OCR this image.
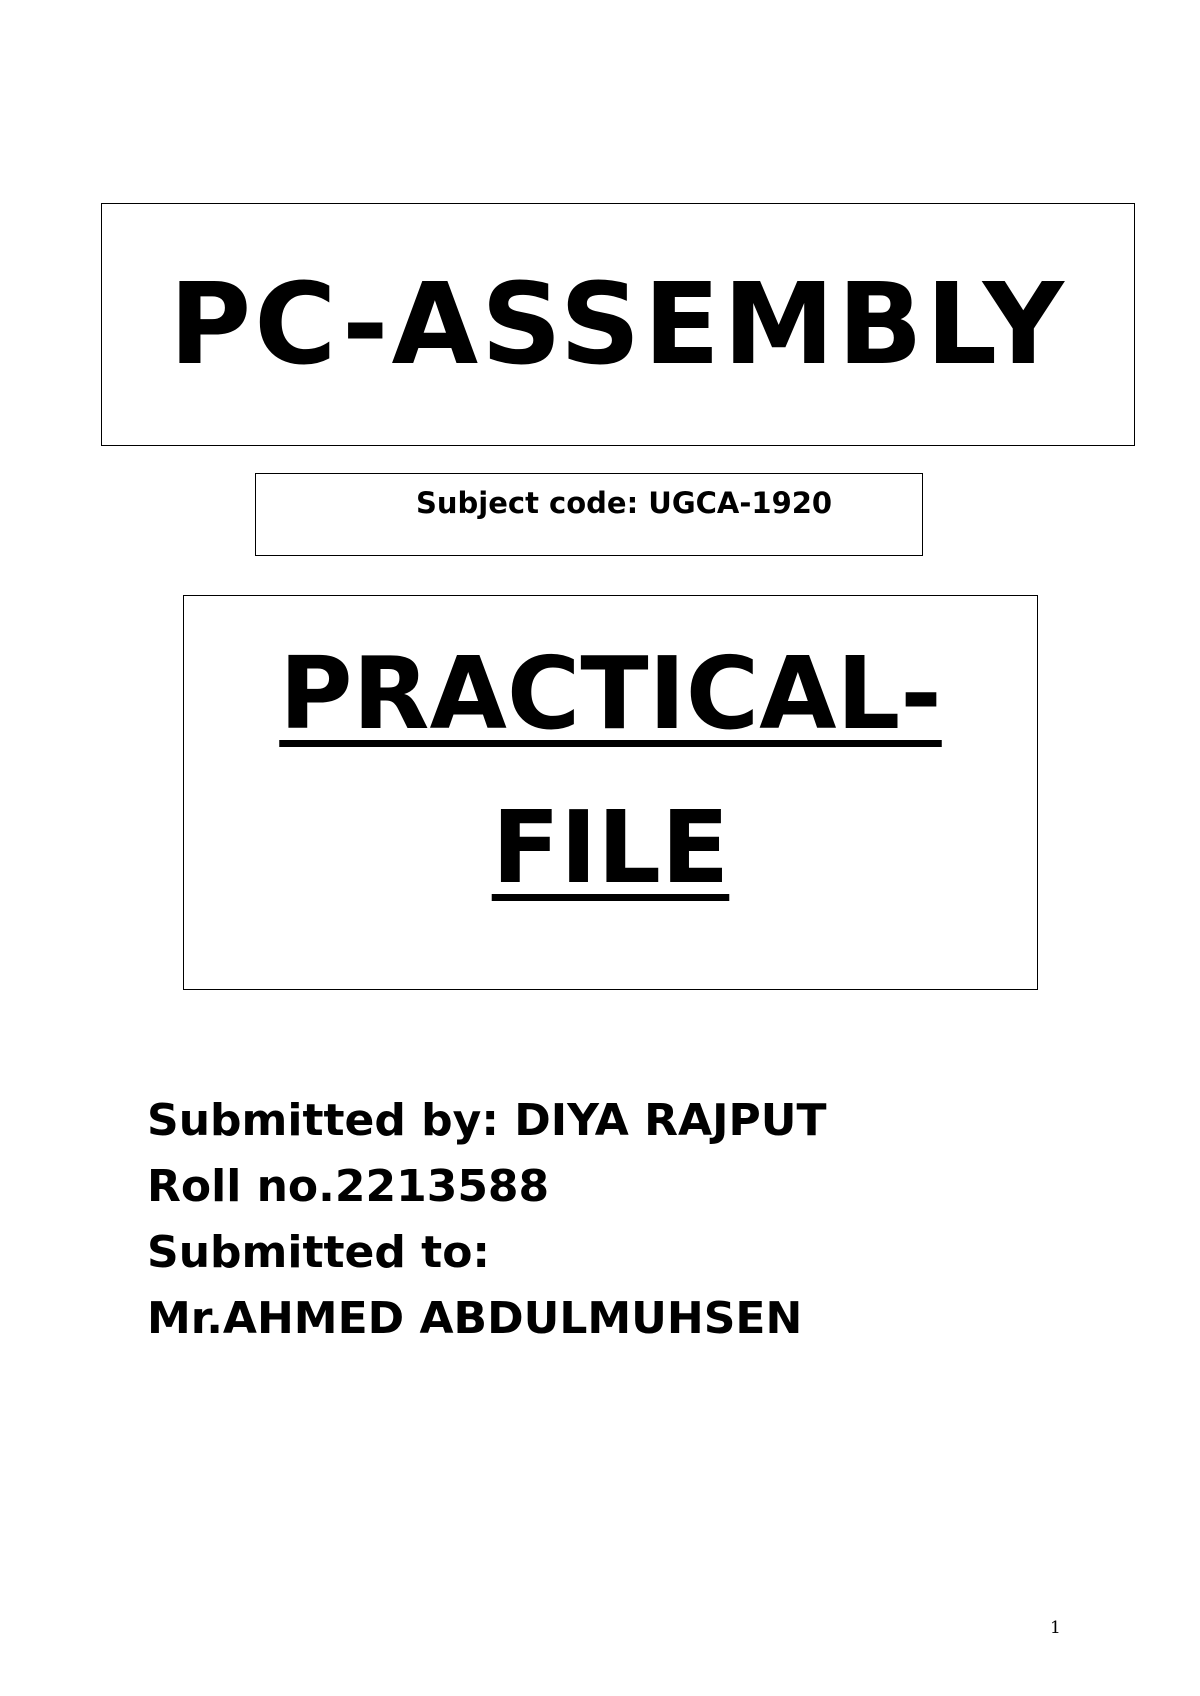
PC-ASSEMBLY
Subject code: UGCA-1920
PRACTICAL-
FILE
Submitted by: DIYA RAJPUT
Roll no.2213588
Submitted to:
Mr.AHMED ABDULMUHSEN
1
